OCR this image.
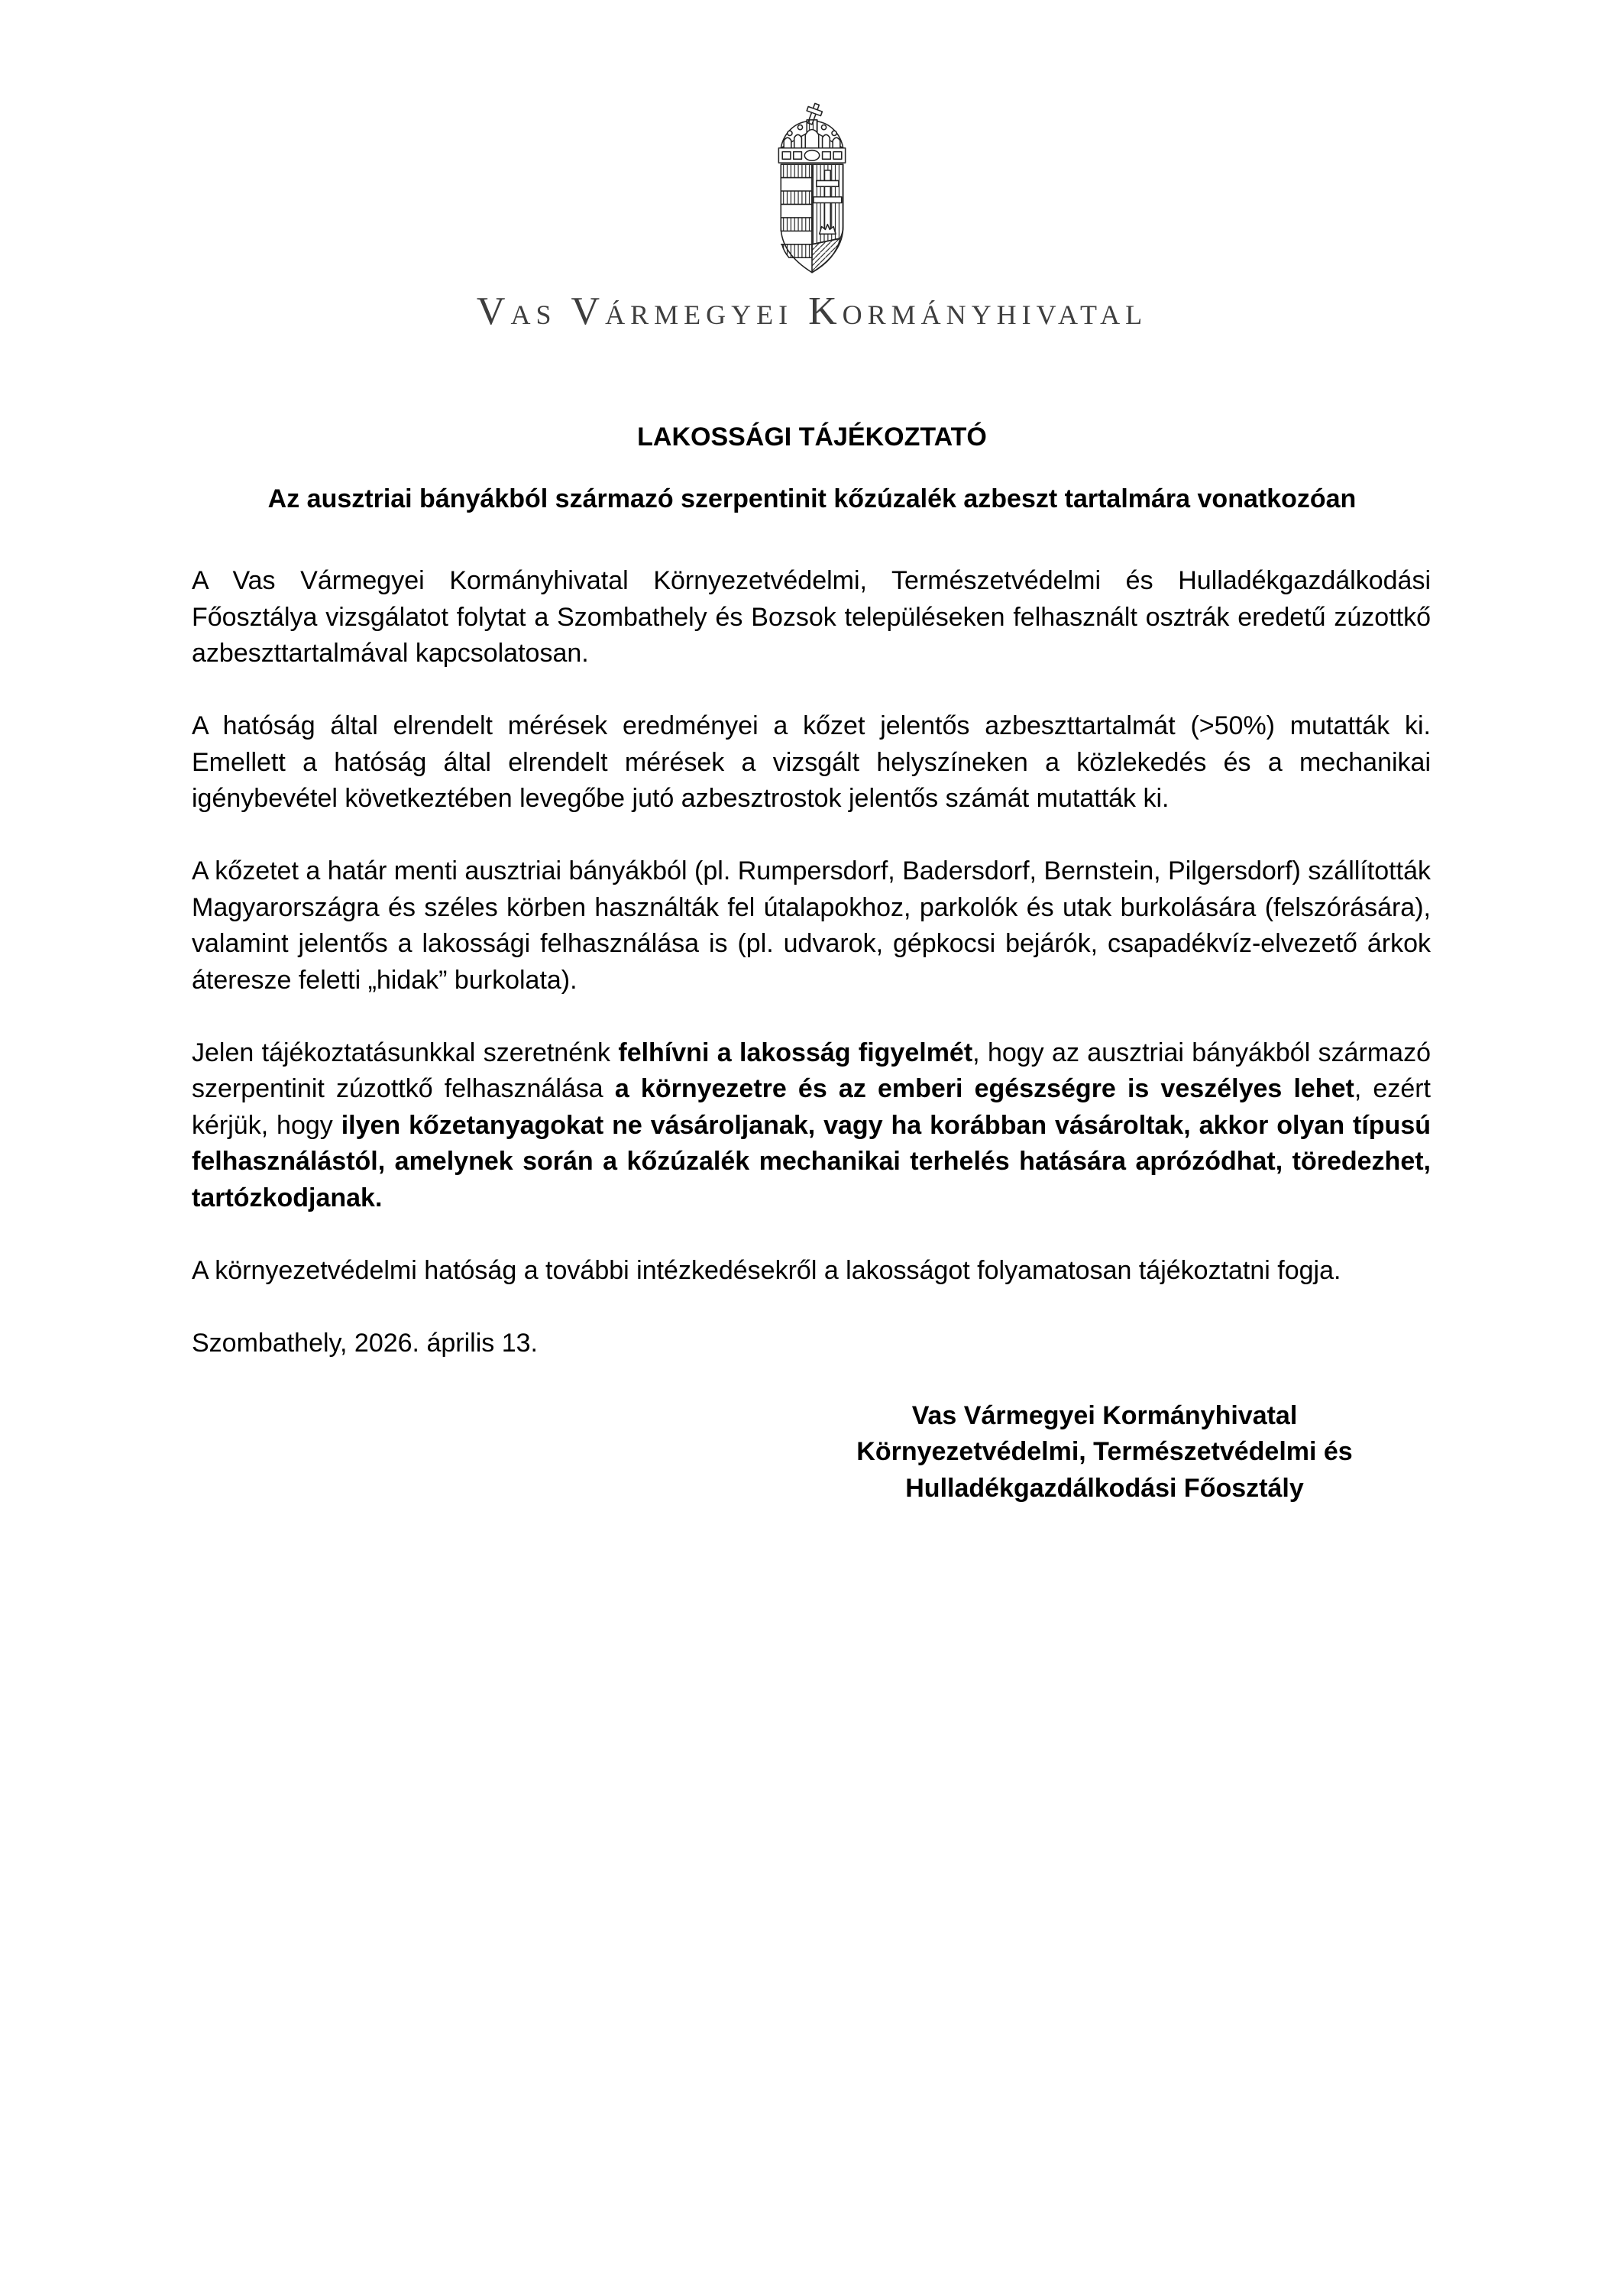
Vas Vármegyei Kormányhivatal
LAKOSSÁGI TÁJÉKOZTATÓ
Az ausztriai bányákból származó szerpentinit kőzúzalék azbeszt tartalmára vonatkozóan

A Vas Vármegyei Kormányhivatal Környezetvédelmi, Természetvédelmi és Hulladékgazdálkodási Főosztálya vizsgálatot folytat a Szombathely és Bozsok településeken felhasznált osztrák eredetű zúzottkő azbeszttartalmával kapcsolatosan.

A hatóság által elrendelt mérések eredményei a kőzet jelentős azbeszttartalmát (>50%) mutatták ki. Emellett a hatóság által elrendelt mérések a vizsgált helyszíneken a közlekedés és a mechanikai igénybevétel következtében levegőbe jutó azbesztrostok jelentős számát mutatták ki.

A kőzetet a határ menti ausztriai bányákból (pl. Rumpersdorf, Badersdorf, Bernstein, Pilgersdorf) szállították Magyarországra és széles körben használták fel útalapokhoz, parkolók és utak burkolására (felszórására), valamint jelentős a lakossági felhasználása is (pl. udvarok, gépkocsi bejárók, csapadékvíz-elvezető árkok áteresze feletti „hidak” burkolata).

Jelen tájékoztatásunkkal szeretnénk felhívni a lakosság figyelmét, hogy az ausztriai bányákból származó szerpentinit zúzottkő felhasználása a környezetre és az emberi egészségre is veszélyes lehet, ezért kérjük, hogy ilyen kőzetanyagokat ne vásároljanak, vagy ha korábban vásároltak, akkor olyan típusú felhasználástól, amelynek során a kőzúzalék mechanikai terhelés hatására aprózódhat, töredezhet, tartózkodjanak.

A környezetvédelmi hatóság a további intézkedésekről a lakosságot folyamatosan tájékoztatni fogja.

Szombathely, 2026. április 13.

Vas Vármegyei Kormányhivatal
Környezetvédelmi, Természetvédelmi és
Hulladékgazdálkodási Főosztály
